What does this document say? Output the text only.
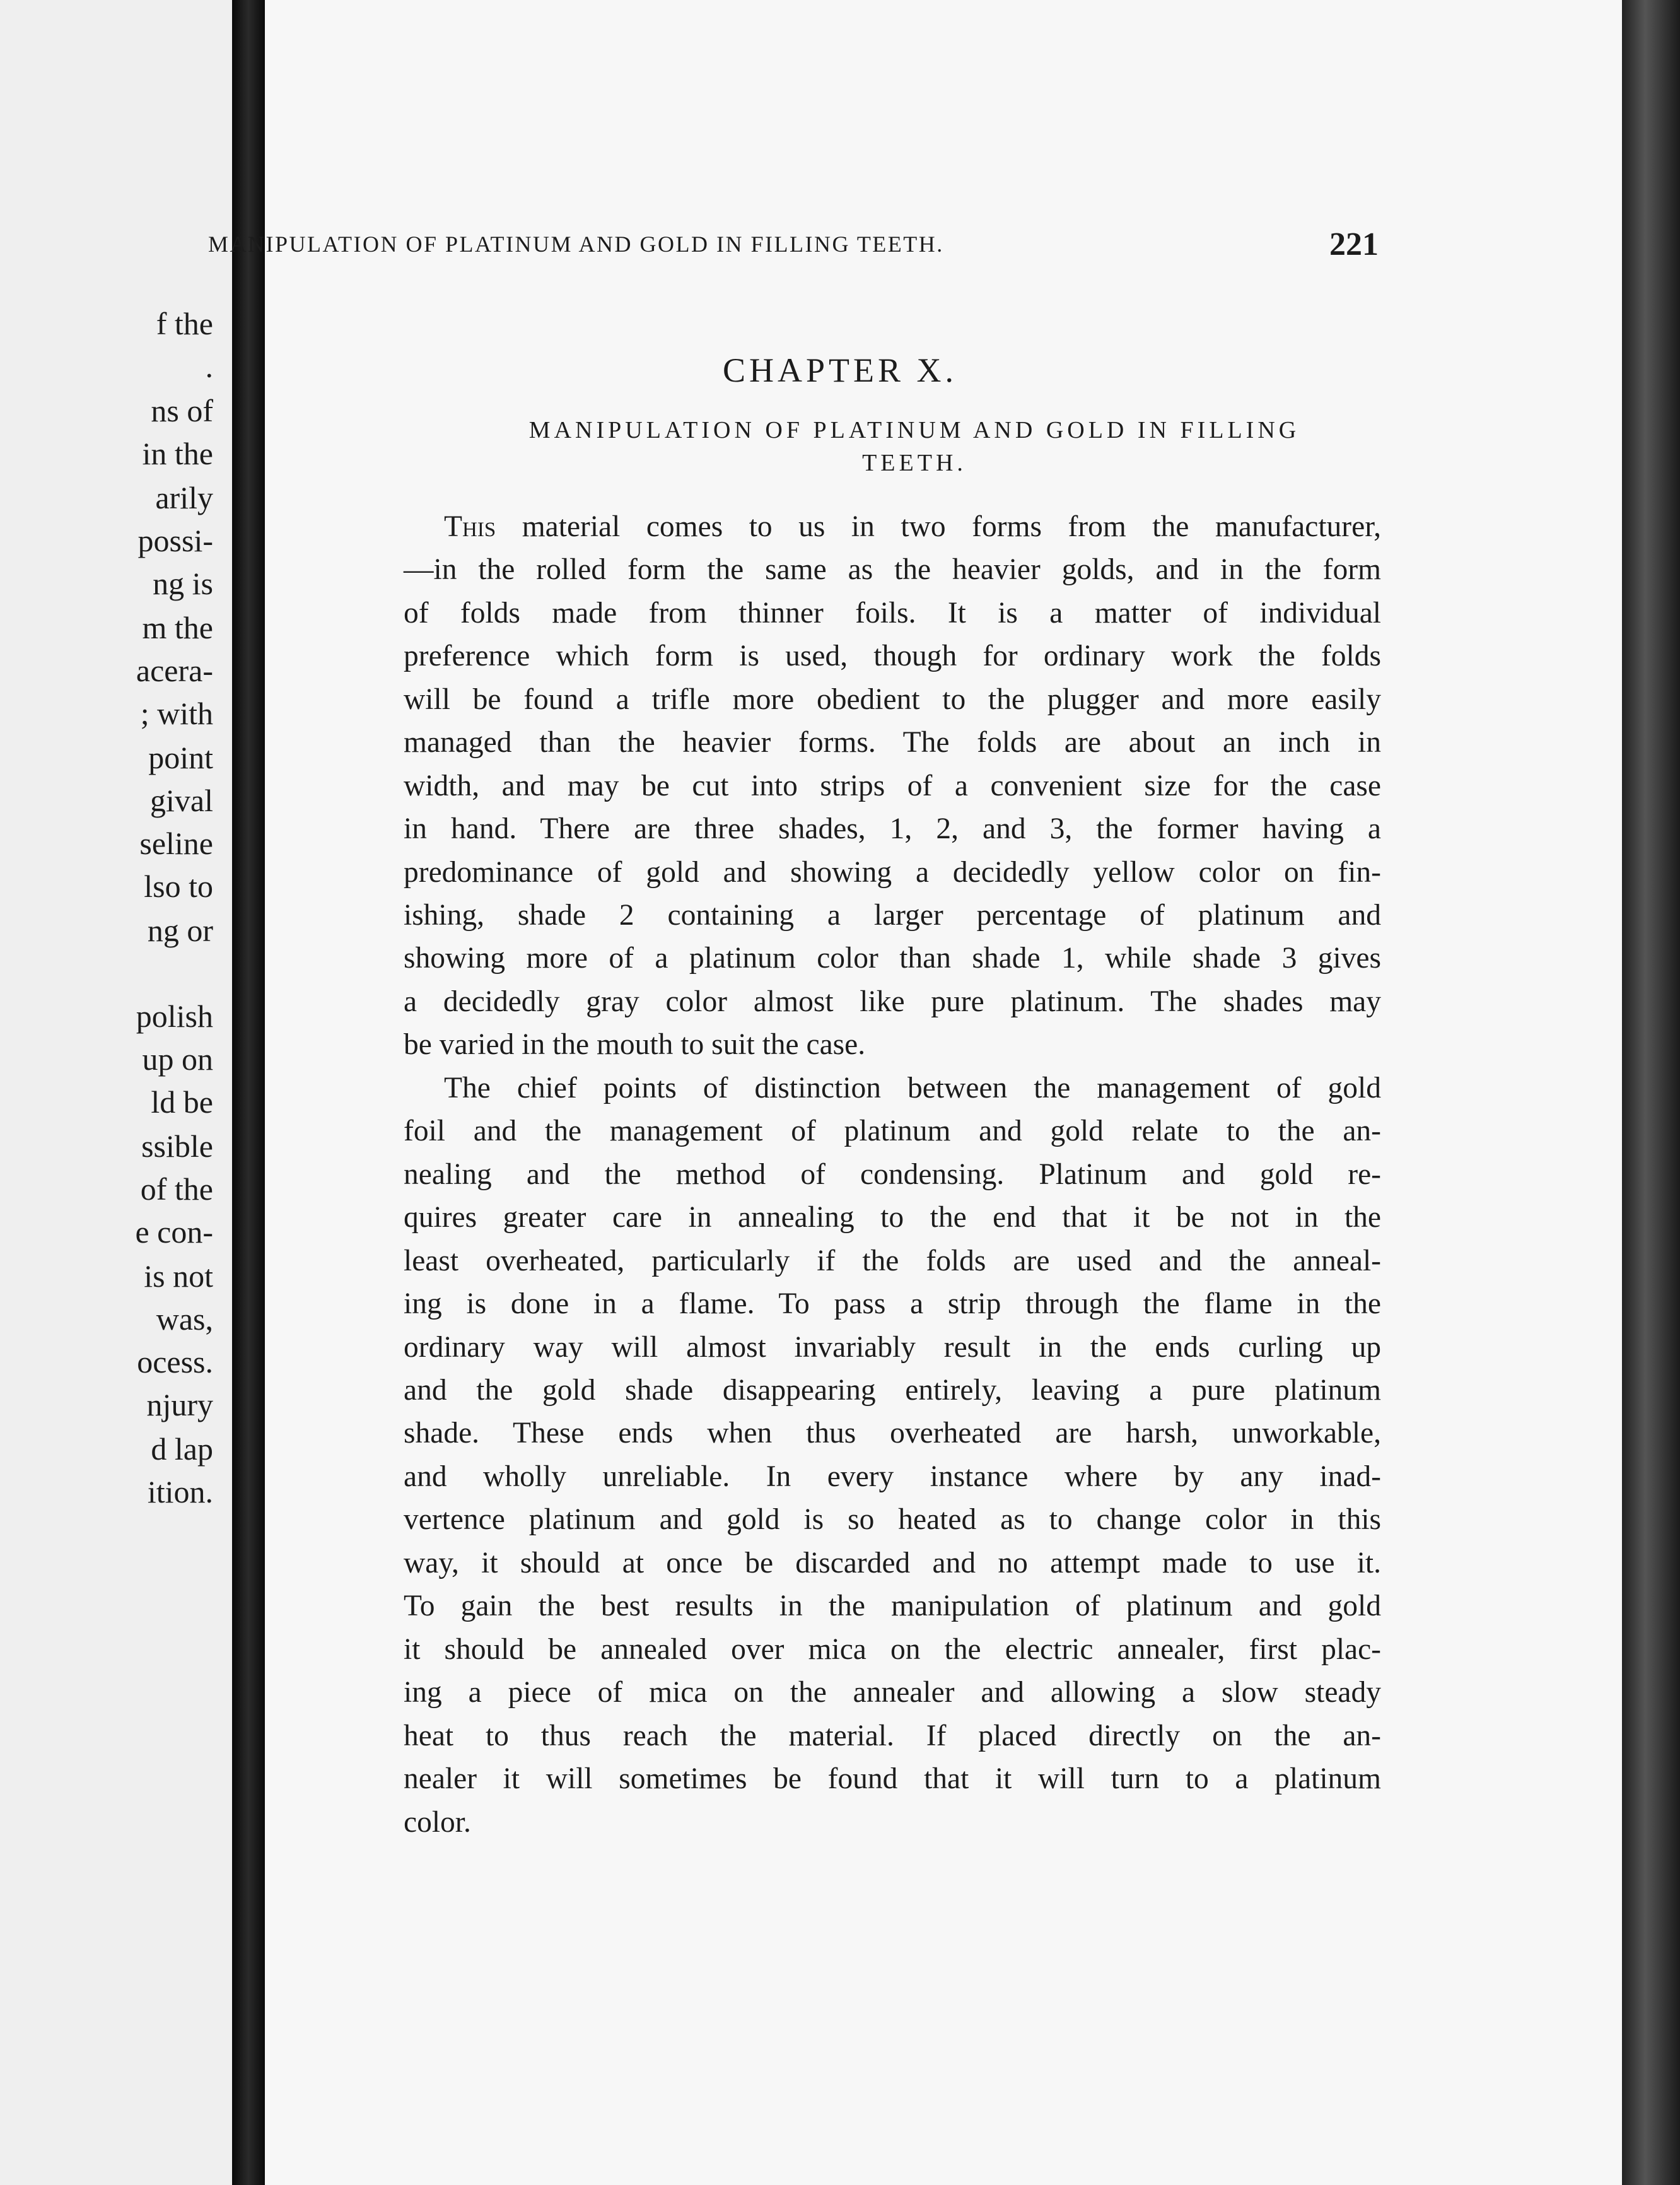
f the
.
ns of
in the
arily
possi-
ng is
m the
acera-
; with
point
gival
seline
lso to
ng or
polish
up on
ld be
ssible
of the
e con-
is not
was,
ocess.
njury
d lap
ition.
MANIPULATION OF PLATINUM AND GOLD IN FILLING TEETH.	221
CHAPTER X.
MANIPULATION OF PLATINUM AND GOLD IN FILLING
TEETH.
This material comes to us in two forms from the manufacturer,
—in the rolled form the same as the heavier golds, and in the form
of folds made from thinner foils. It is a matter of individual
preference which form is used, though for ordinary work the folds
will be found a trifle more obedient to the plugger and more easily
managed than the heavier forms. The folds are about an inch in
width, and may be cut into strips of a convenient size for the case
in hand. There are three shades, 1, 2, and 3, the former having a
predominance of gold and showing a decidedly yellow color on fin-
ishing, shade 2 containing a larger percentage of platinum and
showing more of a platinum color than shade 1, while shade 3 gives
a decidedly gray color almost like pure platinum. The shades may
be varied in the mouth to suit the case.
The chief points of distinction between the management of gold
foil and the management of platinum and gold relate to the an-
nealing and the method of condensing. Platinum and gold re-
quires greater care in annealing to the end that it be not in the
least overheated, particularly if the folds are used and the anneal-
ing is done in a flame. To pass a strip through the flame in the
ordinary way will almost invariably result in the ends curling up
and the gold shade disappearing entirely, leaving a pure platinum
shade. These ends when thus overheated are harsh, unworkable,
and wholly unreliable. In every instance where by any inad-
vertence platinum and gold is so heated as to change color in this
way, it should at once be discarded and no attempt made to use it.
To gain the best results in the manipulation of platinum and gold
it should be annealed over mica on the electric annealer, first plac-
ing a piece of mica on the annealer and allowing a slow steady
heat to thus reach the material. If placed directly on the an-
nealer it will sometimes be found that it will turn to a platinum
color.
